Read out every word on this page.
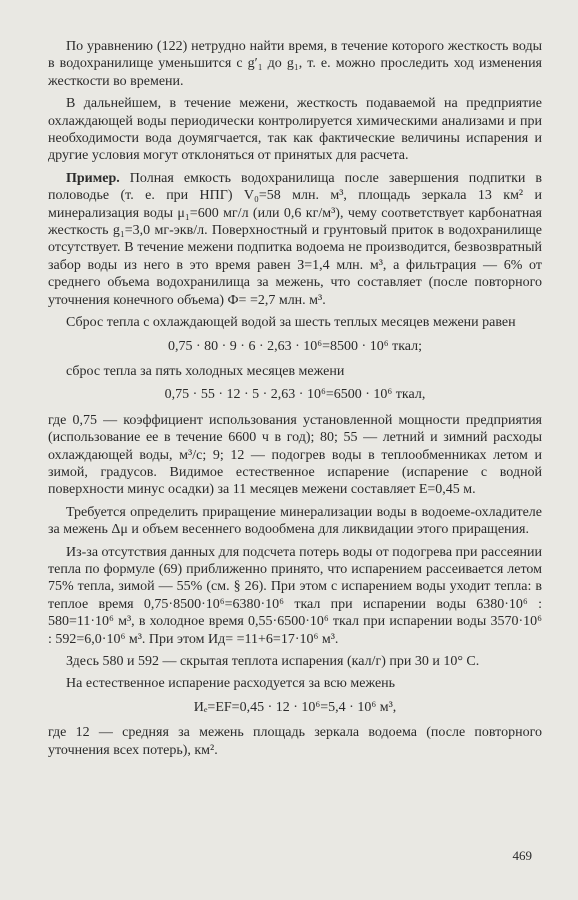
По уравнению (122) нетрудно найти время, в течение которого жесткость воды в водохранилище уменьшится с g′₁ до g₁, т. е. можно проследить ход изменения жесткости во времени.

В дальнейшем, в течение межени, жесткость подаваемой на предприятие охлаждающей воды периодически контролируется химическими анализами и при необходимости вода доумягчается, так как фактические величины испарения и другие условия могут отклоняться от принятых для расчета.

Пример. Полная емкость водохранилища после завершения подпитки в половодье (т. е. при НПГ) V₀=58 млн. м³, площадь зеркала 13 км² и минерализация воды μ₁=600 мг/л (или 0,6 кг/м³), чему соответствует карбонатная жесткость g₁=3,0 мг-экв/л. Поверхностный и грунтовый приток в водохранилище отсутствует. В течение межени подпитка водоема не производится, безвозвратный забор воды из него в это время равен З=1,4 млн. м³, а фильтрация — 6% от среднего объема водохранилища за межень, что составляет (после повторного уточнения конечного объема) Ф= =2,7 млн. м³.

Сброс тепла с охлаждающей водой за шесть теплых месяцев межени равен

0,75 · 80 · 9 · 6 · 2,63 · 10⁶=8500 · 10⁶ ткал;

сброс тепла за пять холодных месяцев межени

0,75 · 55 · 12 · 5 · 2,63 · 10⁶=6500 · 10⁶ ткал,

где 0,75 — коэффициент использования установленной мощности предприятия (использование ее в течение 6600 ч в год); 80; 55 — летний и зимний расходы охлаждающей воды, м³/с; 9; 12 — подогрев воды в теплообменниках летом и зимой, градусов. Видимое естественное испарение (испарение с водной поверхности минус осадки) за 11 месяцев межени составляет E=0,45 м.

Требуется определить приращение минерализации воды в водоеме-охладителе за межень Δμ и объем весеннего водообмена для ликвидации этого приращения.

Из-за отсутствия данных для подсчета потерь воды от подогрева при рассеянии тепла по формуле (69) приближенно принято, что испарением рассеивается летом 75% тепла, зимой — 55% (см. § 26). При этом с испарением воды уходит тепла: в теплое время 0,75·8500·10⁶=6380·10⁶ ткал при испарении воды 6380·10⁶ : 580=11·10⁶ м³, в холодное время 0,55·6500·10⁶ ткал при испарении воды 3570·10⁶ : 592=6,0·10⁶ м³. При этом Ид= =11+6=17·10⁶ м³.

Здесь 580 и 592 — скрытая теплота испарения (кал/г) при 30 и 10° С.

На естественное испарение расходуется за всю межень

Иₑ=EF=0,45 · 12 · 10⁶=5,4 · 10⁶ м³,

где 12 — средняя за межень площадь зеркала водоема (после повторного уточнения всех потерь), км².

469
